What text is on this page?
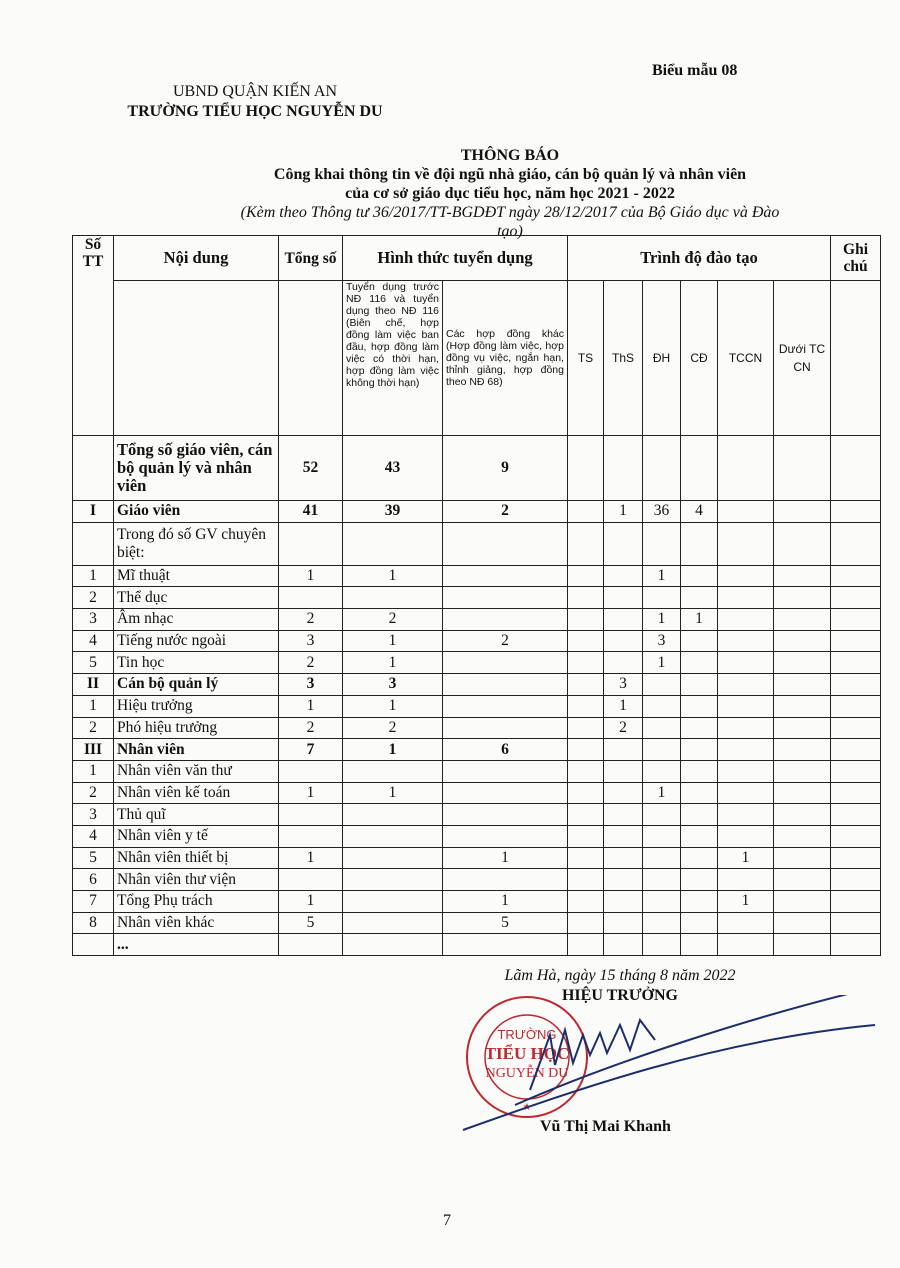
Biểu mẫu 08
UBND QUẬN KIẾN AN
TRƯỜNG TIỂU HỌC NGUYỄN DU
THÔNG BÁO
Công khai thông tin về đội ngũ nhà giáo, cán bộ quản lý và nhân viên
của cơ sở giáo dục tiểu học, năm học 2021 - 2022
(Kèm theo Thông tư 36/2017/TT-BGDĐT ngày 28/12/2017 của Bộ Giáo dục và Đào tạo)
Số TT	Nội dung	Tổng số	Hình thức tuyển dụng		Trình độ đào tạo						Ghi chú
			Tuyển dụng trước NĐ 116 và tuyển dụng theo NĐ 116 (Biên chế, hợp đồng làm việc ban đầu, hợp đồng làm việc có thời hạn, hợp đồng làm việc không thời hạn)	Các hợp đồng khác (Hợp đồng làm việc, hợp đồng vụ việc, ngắn hạn, thỉnh giảng, hợp đồng theo NĐ 68)	TS	ThS	ĐH	CĐ	TCCN	Dưới TC CN	
	Tổng số giáo viên, cán bộ quản lý và nhân viên	52	43	9							
I	Giáo viên	41	39	2		1	36	4			
	Trong đó số GV chuyên biệt:										
1	Mĩ thuật	1	1				1				
2	Thể dục										
3	Âm nhạc	2	2				1	1			
4	Tiếng nước ngoài	3	1	2			3				
5	Tin học	2	1				1				
II	Cán bộ quản lý	3	3			3					
1	Hiệu trưởng	1	1			1					
2	Phó hiệu trưởng	2	2			2					
III	Nhân viên	7	1	6							
1	Nhân viên văn thư										
2	Nhân viên kế toán	1	1				1				
3	Thủ quĩ										
4	Nhân viên y tế										
5	Nhân viên thiết bị	1		1					1		
6	Nhân viên thư viện										
7	Tổng Phụ trách	1		1					1		
8	Nhân viên khác	5		5							
	...										
Lãm Hà, ngày 15 tháng 8 năm 2022
HIỆU TRƯỞNG
TRƯỜNG
TIỂU HỌC
NGUYỄN DU
★
Vũ Thị Mai Khanh
7
